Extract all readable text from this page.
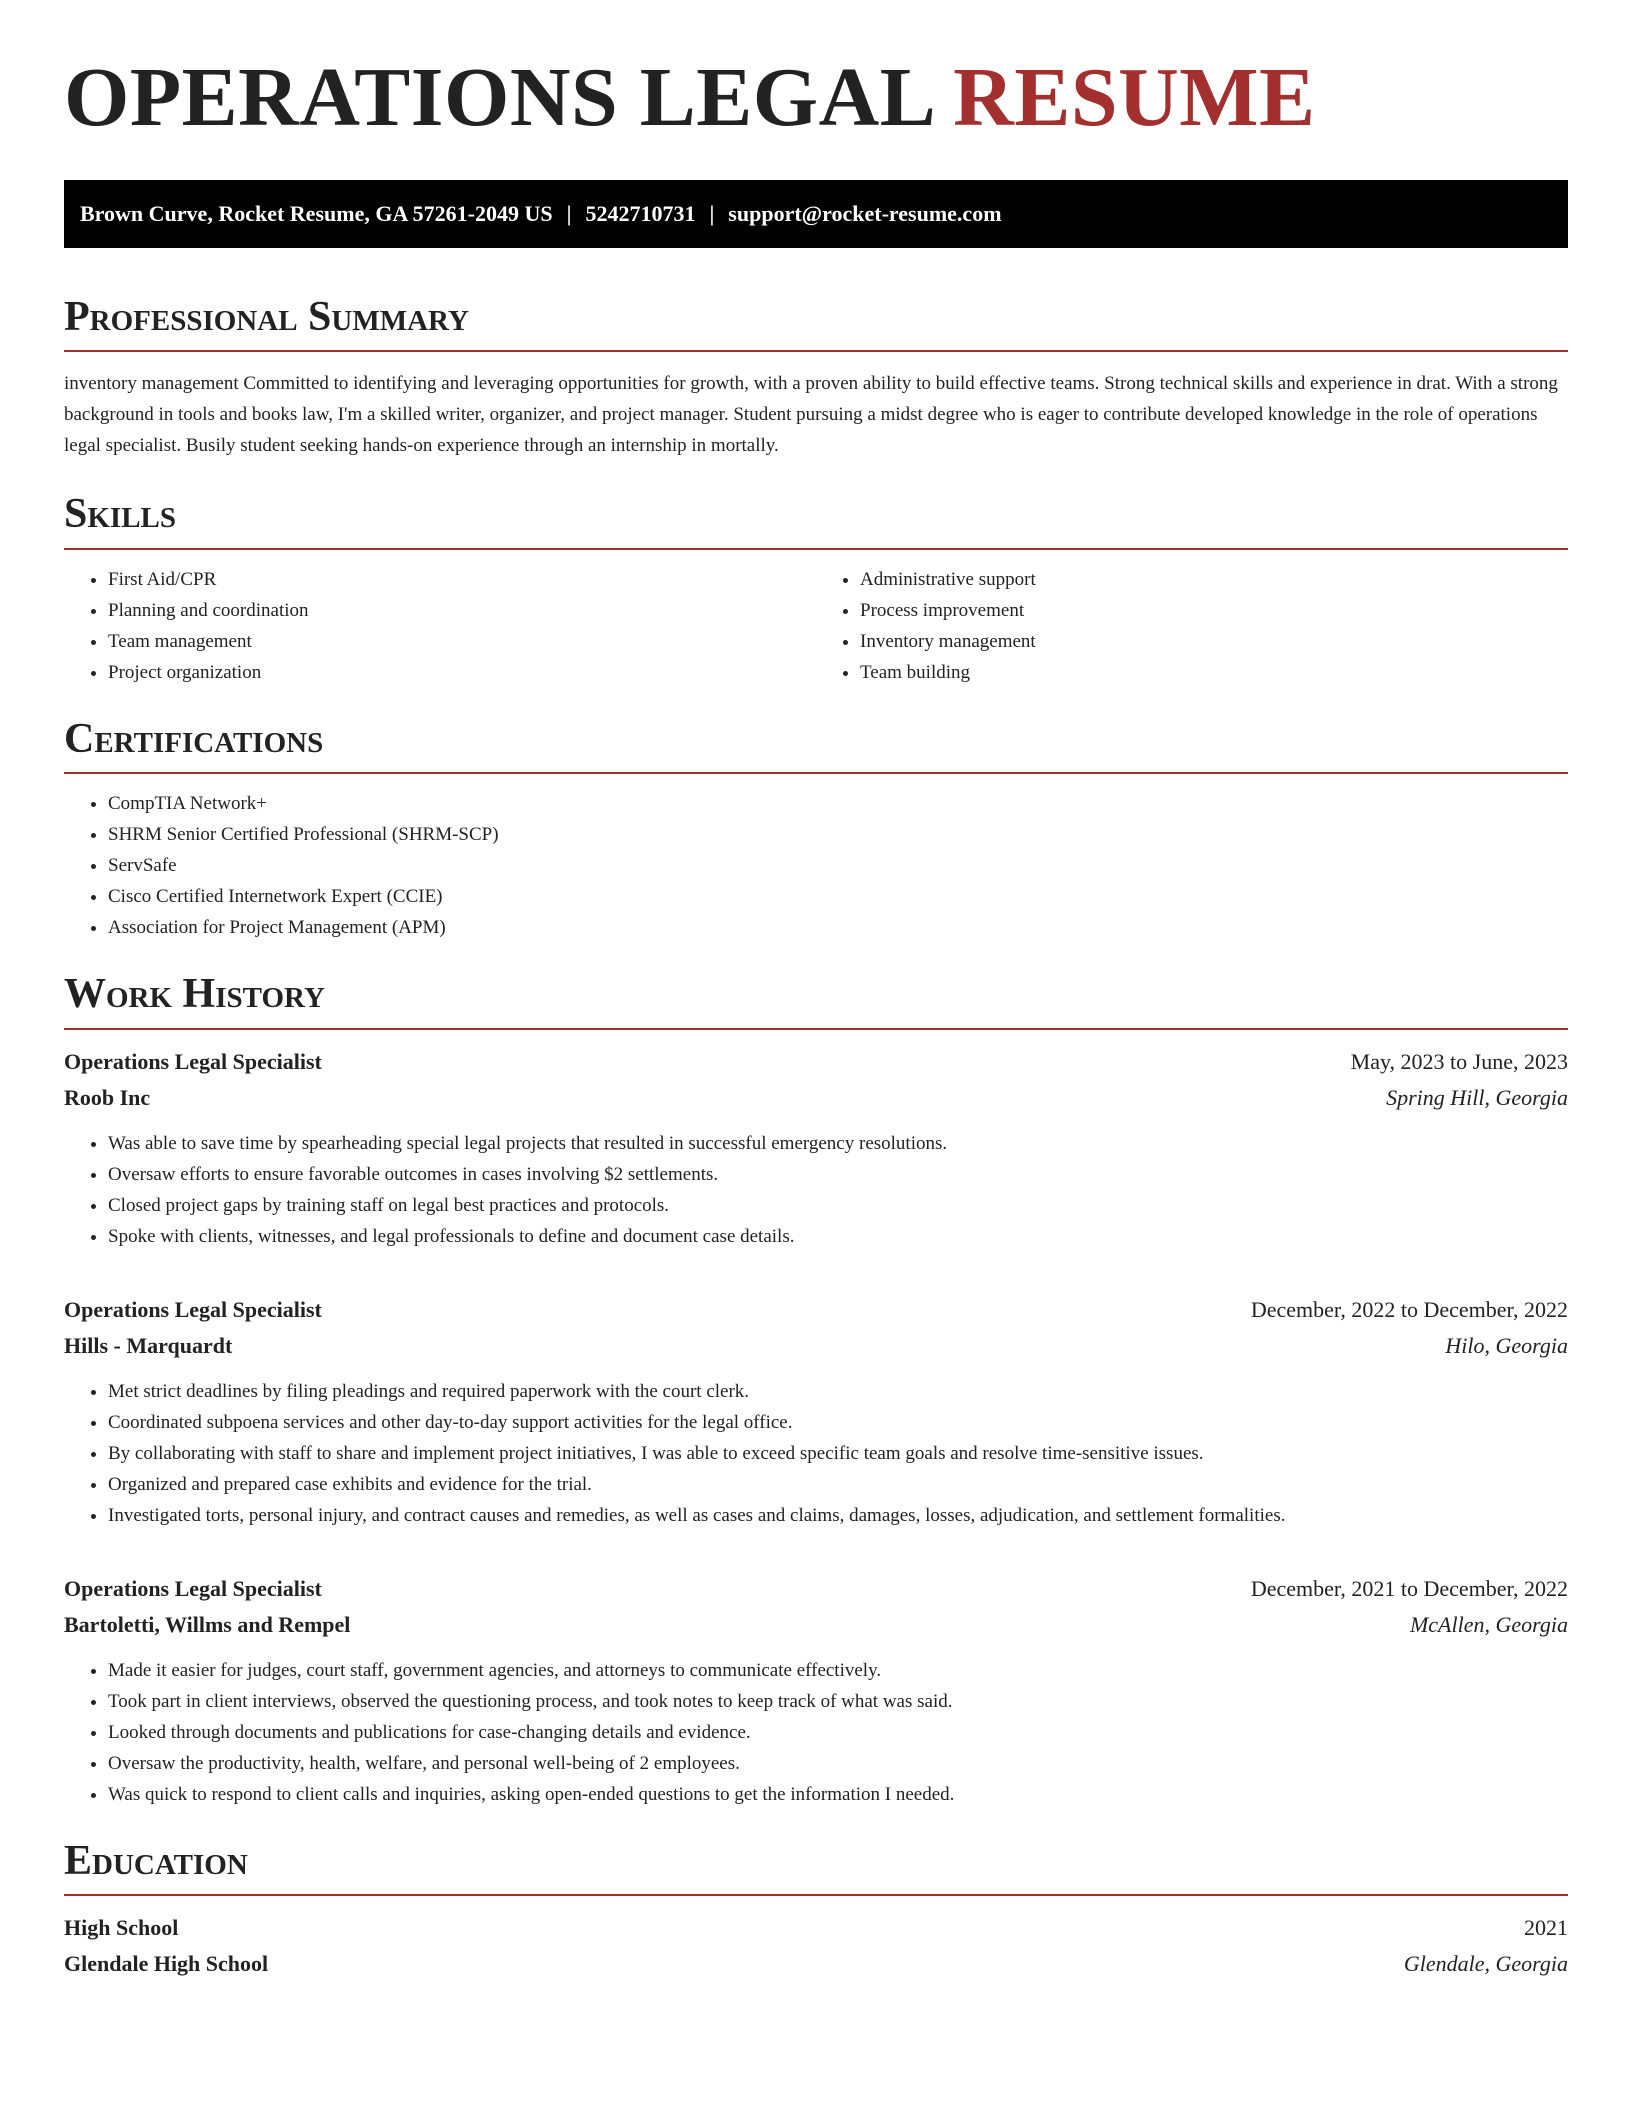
OPERATIONS LEGAL RESUME
Brown Curve, Rocket Resume, GA 57261-2049 US | 5242710731 | support@rocket-resume.com
Professional Summary

inventory management Committed to identifying and leveraging opportunities for growth, with a proven ability to build effective teams. Strong technical skills and experience in drat. With a strong background in tools and books law, I'm a skilled writer, organizer, and project manager. Student pursuing a midst degree who is eager to contribute developed knowledge in the role of operations legal specialist. Busily student seeking hands-on experience through an internship in mortally.

Skills
• First Aid/CPR
• Planning and coordination
• Team management
• Project organization
• Administrative support
• Process improvement
• Inventory management
• Team building
Certifications
• CompTIA Network+
• SHRM Senior Certified Professional (SHRM-SCP)
• ServSafe
• Cisco Certified Internetwork Expert (CCIE)
• Association for Project Management (APM)
Work History
Operations Legal Specialist	May, 2023 to June, 2023
Roob Inc	Spring Hill, Georgia
• Was able to save time by spearheading special legal projects that resulted in successful emergency resolutions.
• Oversaw efforts to ensure favorable outcomes in cases involving $2 settlements.
• Closed project gaps by training staff on legal best practices and protocols.
• Spoke with clients, witnesses, and legal professionals to define and document case details.
Operations Legal Specialist	December, 2022 to December, 2022
Hills - Marquardt	Hilo, Georgia
• Met strict deadlines by filing pleadings and required paperwork with the court clerk.
• Coordinated subpoena services and other day-to-day support activities for the legal office.
• By collaborating with staff to share and implement project initiatives, I was able to exceed specific team goals and resolve time-sensitive issues.
• Organized and prepared case exhibits and evidence for the trial.
• Investigated torts, personal injury, and contract causes and remedies, as well as cases and claims, damages, losses, adjudication, and settlement formalities.
Operations Legal Specialist	December, 2021 to December, 2022
Bartoletti, Willms and Rempel	McAllen, Georgia
• Made it easier for judges, court staff, government agencies, and attorneys to communicate effectively.
• Took part in client interviews, observed the questioning process, and took notes to keep track of what was said.
• Looked through documents and publications for case-changing details and evidence.
• Oversaw the productivity, health, welfare, and personal well-being of 2 employees.
• Was quick to respond to client calls and inquiries, asking open-ended questions to get the information I needed.
Education
High School	2021
Glendale High School	Glendale, Georgia
